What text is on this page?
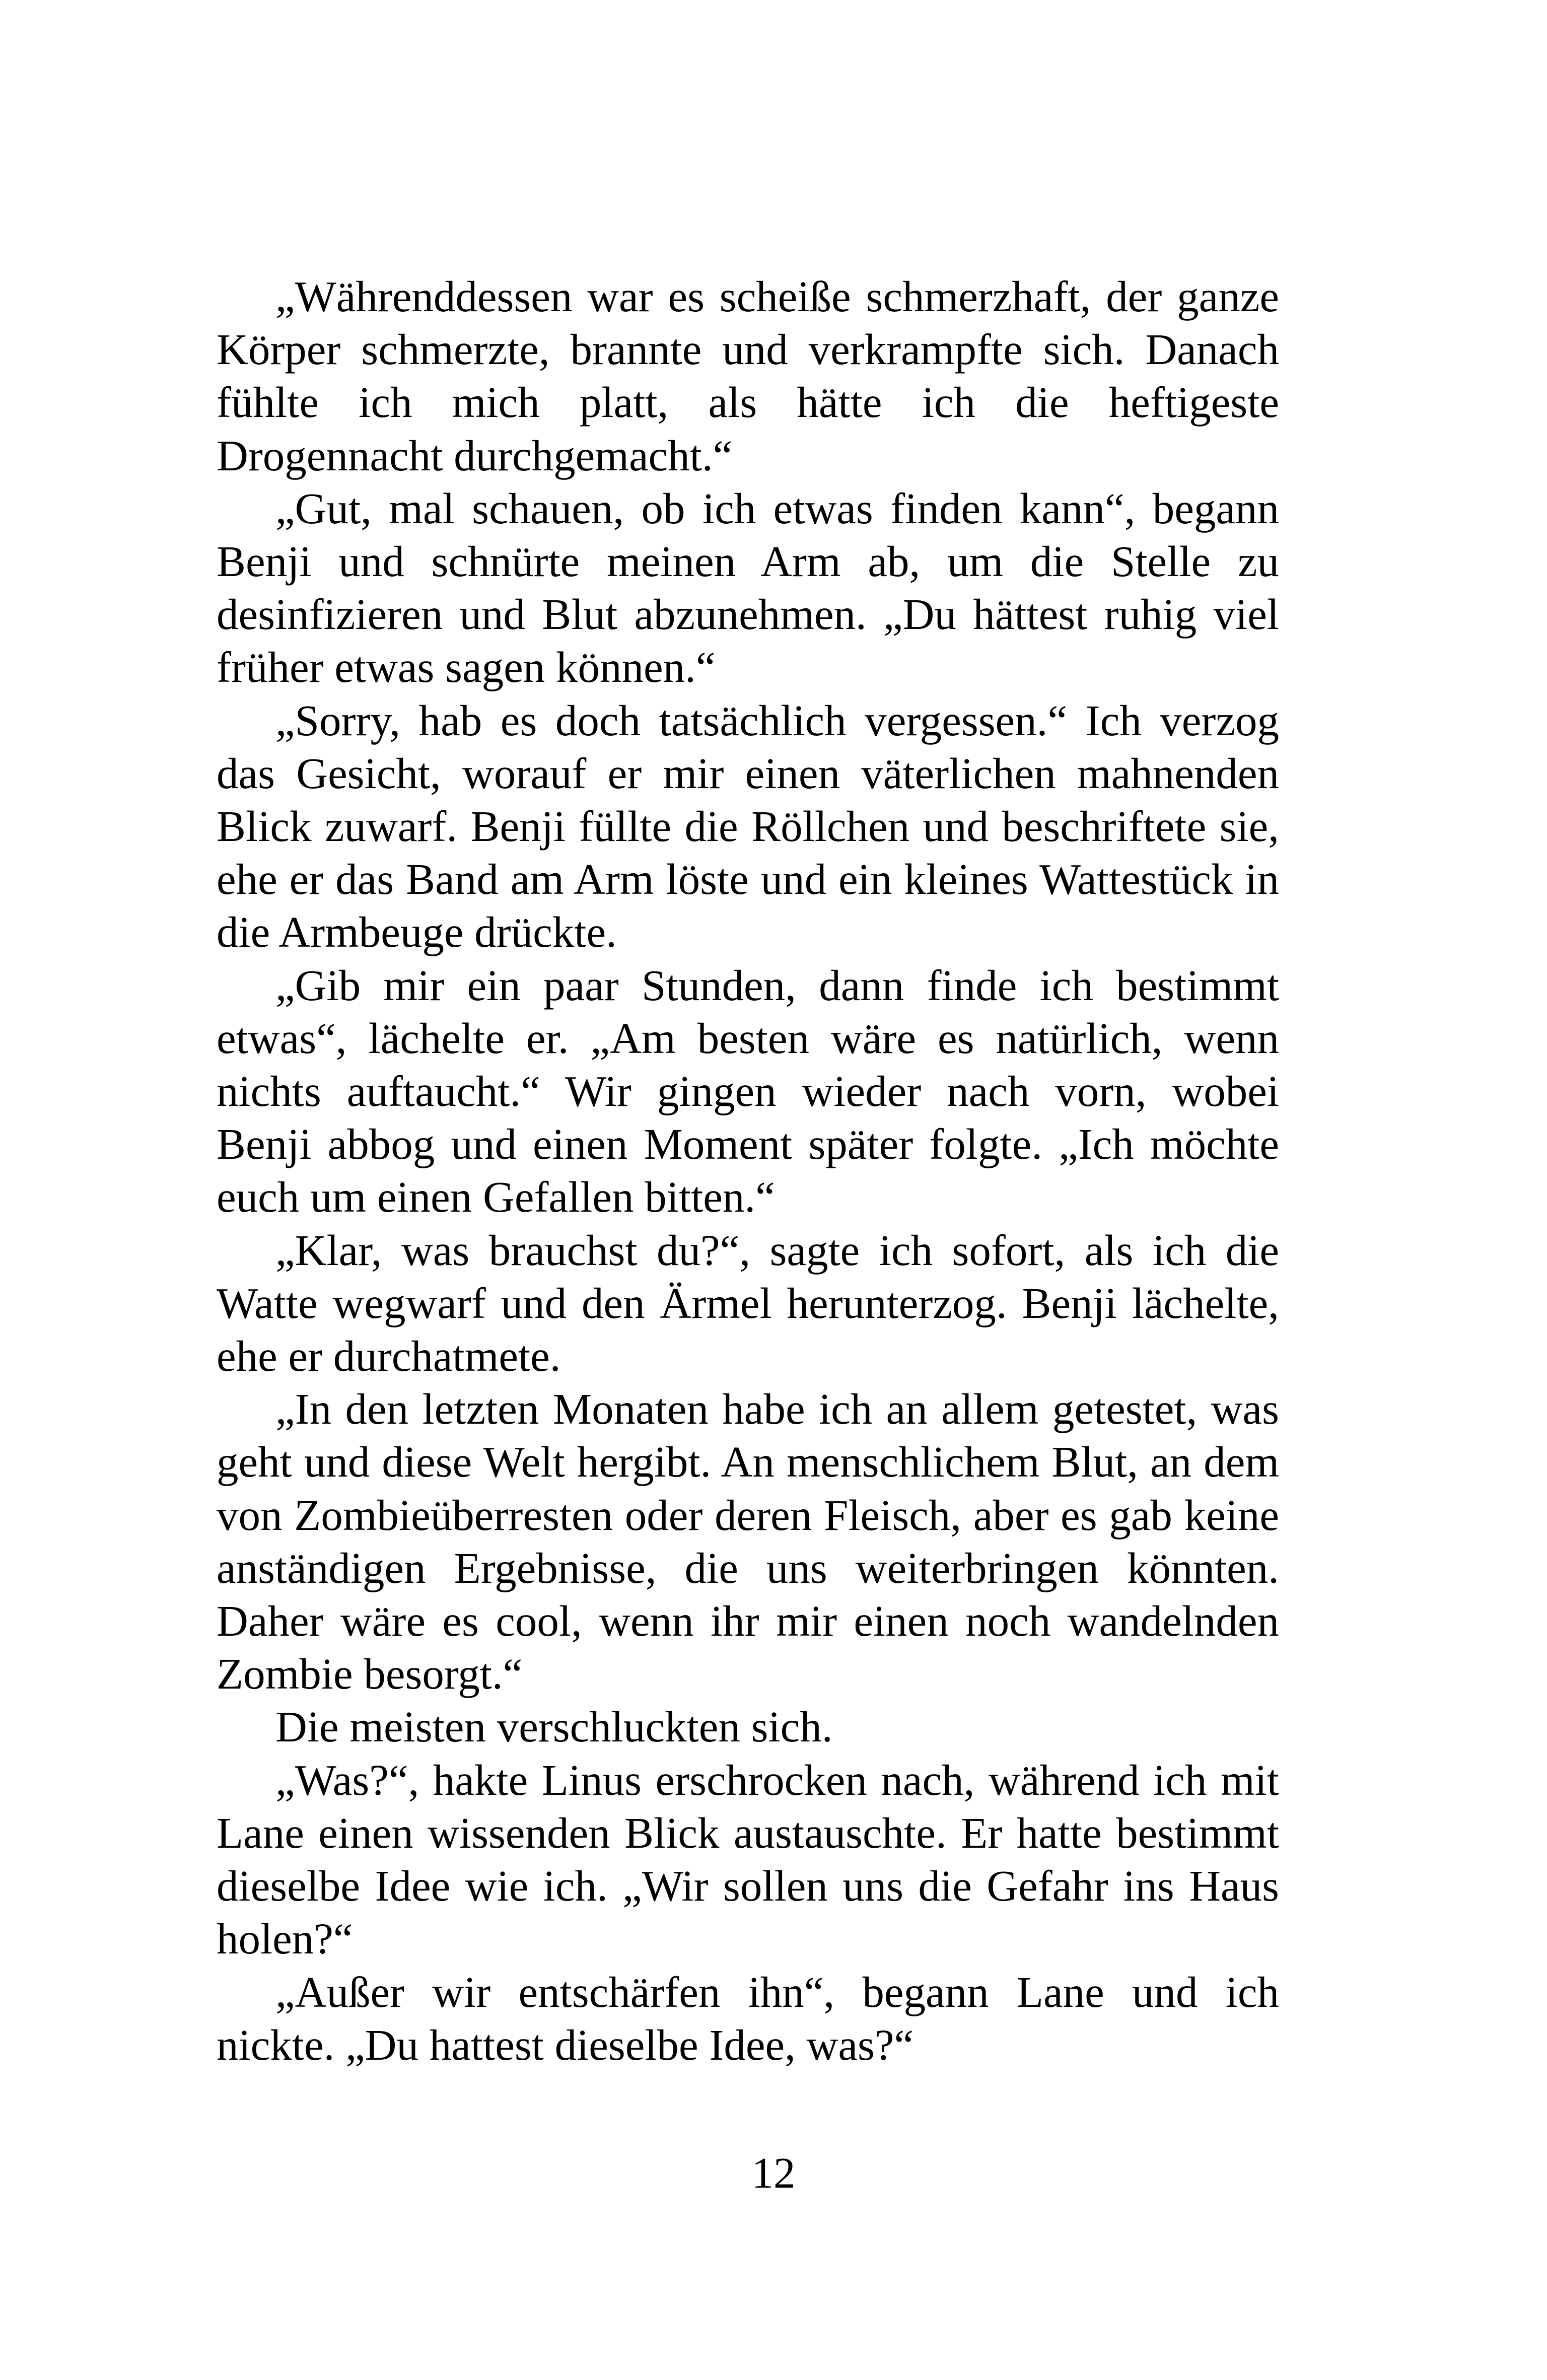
„Währenddessen war es scheiße schmerzhaft, der ganze Körper schmerzte, brannte und verkrampfte sich. Danach fühlte ich mich platt, als hätte ich die heftigeste Drogennacht durchgemacht.“

„Gut, mal schauen, ob ich etwas finden kann“, begann Benji und schnürte meinen Arm ab, um die Stelle zu desinfizieren und Blut abzunehmen. „Du hättest ruhig viel früher etwas sagen können.“

„Sorry, hab es doch tatsächlich vergessen.“ Ich verzog das Gesicht, worauf er mir einen väterlichen mahnenden Blick zuwarf. Benji füllte die Röllchen und beschriftete sie, ehe er das Band am Arm löste und ein kleines Wattestück in die Armbeuge drückte.

„Gib mir ein paar Stunden, dann finde ich bestimmt etwas“, lächelte er. „Am besten wäre es natürlich, wenn nichts auftaucht.“ Wir gingen wieder nach vorn, wobei Benji abbog und einen Moment später folgte. „Ich möchte euch um einen Gefallen bitten.“

„Klar, was brauchst du?“, sagte ich sofort, als ich die Watte wegwarf und den Ärmel herunterzog. Benji lächelte, ehe er durchatmete.

„In den letzten Monaten habe ich an allem getestet, was geht und diese Welt hergibt. An menschlichem Blut, an dem von Zombieüberresten oder deren Fleisch, aber es gab keine anständigen Ergebnisse, die uns weiterbringen könnten. Daher wäre es cool, wenn ihr mir einen noch wandelnden Zombie besorgt.“

Die meisten verschluckten sich.

„Was?“, hakte Linus erschrocken nach, während ich mit Lane einen wissenden Blick austauschte. Er hatte bestimmt dieselbe Idee wie ich. „Wir sollen uns die Gefahr ins Haus holen?“

„Außer wir entschärfen ihn“, begann Lane und ich nickte. „Du hattest dieselbe Idee, was?“

12
